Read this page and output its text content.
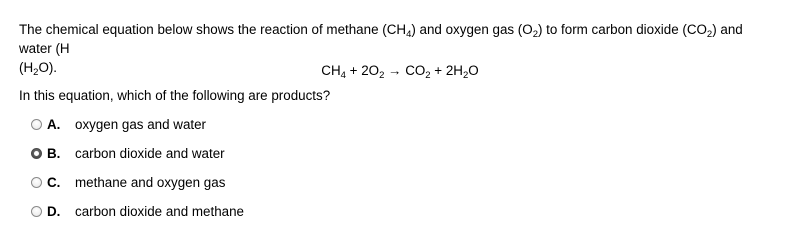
The chemical equation below shows the reaction of methane $(CH_4)$ and oxygen gas $(O_2)$ to form carbon dioxide $(CO_2)$ and water (H
$(H_2O)$.	$CH_4 + 2O_2 \to CO_2 + 2H_2O$
In this equation, which of the following are products?
A. oxygen gas and water
B. carbon dioxide and water
C. methane and oxygen gas
D. carbon dioxide and methane
